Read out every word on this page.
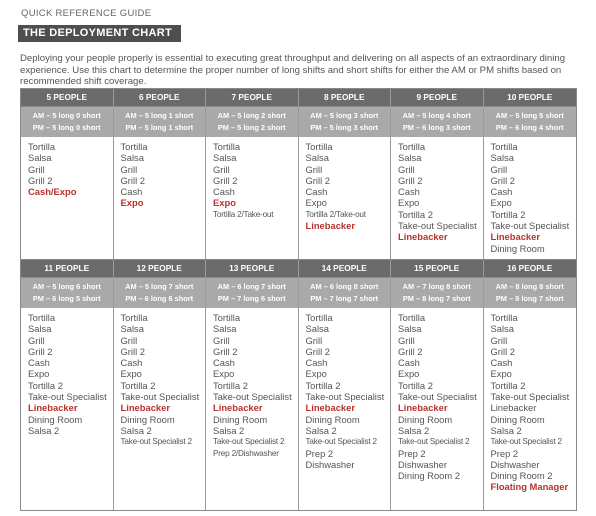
QUICK REFERENCE GUIDE
THE DEPLOYMENT CHART
Deploying your people properly is essential to executing great throughput and delivering on all aspects of an extraordinary dining experience. Use this chart to determine the proper number of long shifts and short shifts for either the AM or PM shifts based on recommended shift coverage.
5 PEOPLE
AM – 5 long 0 short
PM – 5 long 0 short
Tortilla
Salsa
Grill
Grill 2
Cash/Expo
6 PEOPLE
AM – 5 long 1 short
PM – 5 long 1 short
Tortilla
Salsa
Grill
Grill 2
Cash
Expo
7 PEOPLE
AM – 5 long 2 short
PM – 5 long 2 short
Tortilla
Salsa
Grill
Grill 2
Cash
Expo
Tortilla 2/Take-out
8 PEOPLE
AM – 5 long 3 short
PM – 5 long 3 short
Tortilla
Salsa
Grill
Grill 2
Cash
Expo
Tortilla 2/Take-out
Linebacker
9 PEOPLE
AM – 5 long 4 short
PM – 6 long 3 short
Tortilla
Salsa
Grill
Grill 2
Cash
Expo
Tortilla 2
Take-out Specialist
Linebacker
10 PEOPLE
AM – 5 long 5 short
PM – 6 long 4 short
Tortilla
Salsa
Grill
Grill 2
Cash
Expo
Tortilla 2
Take-out Specialist
Linebacker
Dining Room
11 PEOPLE
AM – 5 long 6 short
PM – 6 long 5 short
Tortilla
Salsa
Grill
Grill 2
Cash
Expo
Tortilla 2
Take-out Specialist
Linebacker
Dining Room
Salsa 2
12 PEOPLE
AM – 5 long 7 short
PM – 6 long 6 short
Tortilla
Salsa
Grill
Grill 2
Cash
Expo
Tortilla 2
Take-out Specialist
Linebacker
Dining Room
Salsa 2
Take-out Specialist 2
13 PEOPLE
AM – 6 long 7 short
PM – 7 long 6 short
Tortilla
Salsa
Grill
Grill 2
Cash
Expo
Tortilla 2
Take-out Specialist
Linebacker
Dining Room
Salsa 2
Take-out Specialist 2
Prep 2/Dishwasher
14 PEOPLE
AM – 6 long 8 short
PM – 7 long 7 short
Tortilla
Salsa
Grill
Grill 2
Cash
Expo
Tortilla 2
Take-out Specialist
Linebacker
Dining Room
Salsa 2
Take-out Specialist 2
Prep 2
Dishwasher
15 PEOPLE
AM – 7 long 8 short
PM – 8 long 7 short
Tortilla
Salsa
Grill
Grill 2
Cash
Expo
Tortilla 2
Take-out Specialist
Linebacker
Dining Room
Salsa 2
Take-out Specialist 2
Prep 2
Dishwasher
Dining Room 2
16 PEOPLE
AM – 8 long 8 short
PM – 9 long 7 short
Tortilla
Salsa
Grill
Grill 2
Cash
Expo
Tortilla 2
Take-out Specialist
Linebacker
Dining Room
Salsa 2
Take-out Specialist 2
Prep 2
Dishwasher
Dining Room 2
Floating Manager
